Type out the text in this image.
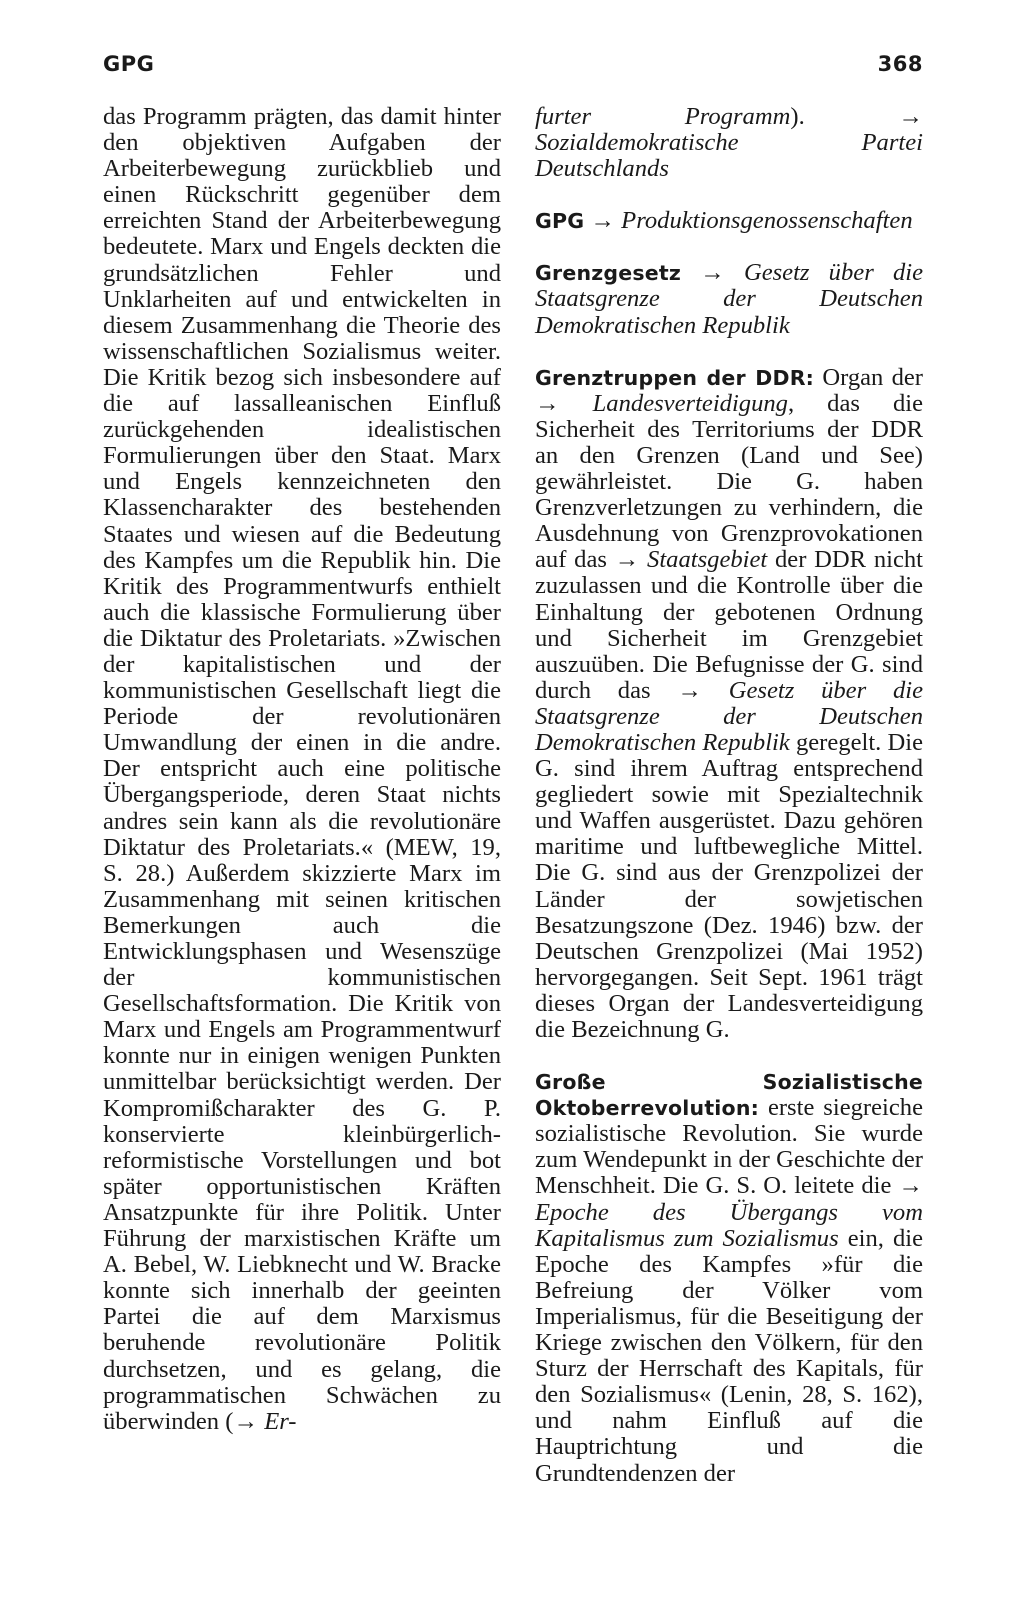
GPG	368

das Programm prägten, das damit hinter den objektiven Aufgaben der Arbeiterbewegung zurückblieb und einen Rückschritt gegenüber dem erreichten Stand der Arbeiterbewegung bedeutete. Marx und Engels deckten die grundsätzlichen Fehler und Unklarheiten auf und entwickelten in diesem Zusammenhang die Theorie des wissenschaftlichen Sozialismus weiter. Die Kritik bezog sich insbesondere auf die auf lassalleanischen Einfluß zurückgehenden idealistischen Formulierungen über den Staat. Marx und Engels kennzeichneten den Klassencharakter des bestehenden Staates und wiesen auf die Bedeutung des Kampfes um die Republik hin. Die Kritik des Programmentwurfs enthielt auch die klassische Formulierung über die Diktatur des Proletariats. »Zwischen der kapitalistischen und der kommunistischen Gesellschaft liegt die Periode der revolutionären Umwandlung der einen in die andre. Der entspricht auch eine politische Übergangsperiode, deren Staat nichts andres sein kann als die revolutionäre Diktatur des Proletariats.« (MEW, 19, S. 28.) Außerdem skizzierte Marx im Zusammenhang mit seinen kritischen Bemerkungen auch die Entwicklungsphasen und Wesenszüge der kommunistischen Gesellschaftsformation. Die Kritik von Marx und Engels am Programmentwurf konnte nur in einigen wenigen Punkten unmittelbar berücksichtigt werden. Der Kompromißcharakter des G. P. konservierte kleinbürgerlich-reformistische Vorstellungen und bot später opportunistischen Kräften Ansatzpunkte für ihre Politik. Unter Führung der marxistischen Kräfte um A. Bebel, W. Liebknecht und W. Bracke konnte sich innerhalb der geeinten Partei die auf dem Marxismus beruhende revolutionäre Politik durchsetzen, und es gelang, die programmatischen Schwächen zu überwinden (→ Er-

furter Programm). → Sozialdemokratische Partei Deutschlands

GPG → Produktionsgenossenschaften

Grenzgesetz → Gesetz über die Staatsgrenze der Deutschen Demokratischen Republik

Grenztruppen der DDR: Organ der → Landesverteidigung, das die Sicherheit des Territoriums der DDR an den Grenzen (Land und See) gewährleistet. Die G. haben Grenzverletzungen zu verhindern, die Ausdehnung von Grenzprovokationen auf das → Staatsgebiet der DDR nicht zuzulassen und die Kontrolle über die Einhaltung der gebotenen Ordnung und Sicherheit im Grenzgebiet auszuüben. Die Befugnisse der G. sind durch das → Gesetz über die Staatsgrenze der Deutschen Demokratischen Republik geregelt. Die G. sind ihrem Auftrag entsprechend gegliedert sowie mit Spezialtechnik und Waffen ausgerüstet. Dazu gehören maritime und luftbewegliche Mittel. Die G. sind aus der Grenzpolizei der Länder der sowjetischen Besatzungszone (Dez. 1946) bzw. der Deutschen Grenzpolizei (Mai 1952) hervorgegangen. Seit Sept. 1961 trägt dieses Organ der Landesverteidigung die Bezeichnung G.

Große Sozialistische Oktoberrevolution: erste siegreiche sozialistische Revolution. Sie wurde zum Wendepunkt in der Geschichte der Menschheit. Die G. S. O. leitete die → Epoche des Übergangs vom Kapitalismus zum Sozialismus ein, die Epoche des Kampfes »für die Befreiung der Völker vom Imperialismus, für die Beseitigung der Kriege zwischen den Völkern, für den Sturz der Herrschaft des Kapitals, für den Sozialismus« (Lenin, 28, S. 162), und nahm Einfluß auf die Hauptrichtung und die Grundtendenzen der
